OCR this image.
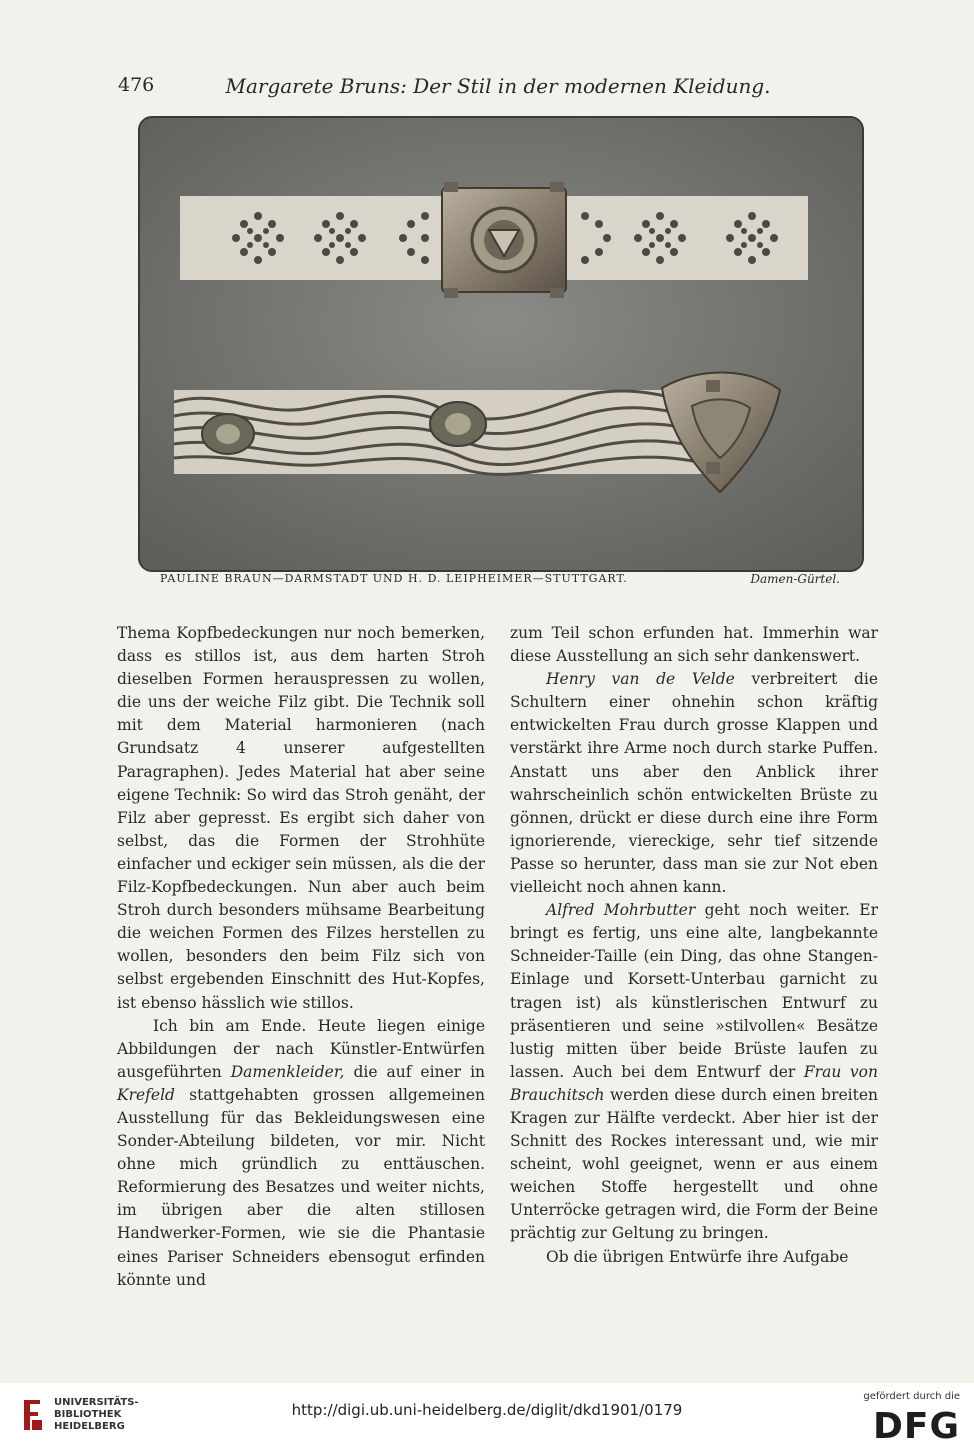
476	Margarete Bruns: Der Stil in der modernen Kleidung.
PAULINE BRAUN—DARMSTADT UND H. D. LEIPHEIMER—STUTTGART.	Damen-Gürtel.

Thema Kopfbedeckungen nur noch bemerken, dass es stillos ist, aus dem harten Stroh dieselben Formen herauspressen zu wollen, die uns der weiche Filz gibt. Die Technik soll mit dem Material harmonieren (nach Grundsatz 4 unserer aufgestellten Paragraphen). Jedes Material hat aber seine eigene Technik: So wird das Stroh genäht, der Filz aber gepresst. Es ergibt sich daher von selbst, das die Formen der Strohhüte einfacher und eckiger sein müssen, als die der Filz-Kopfbedeckungen. Nun aber auch beim Stroh durch besonders mühsame Bearbeitung die weichen Formen des Filzes herstellen zu wollen, besonders den beim Filz sich von selbst ergebenden Einschnitt des Hut-Kopfes, ist ebenso hässlich wie stillos.

Ich bin am Ende. Heute liegen einige Abbildungen der nach Künstler-Entwürfen ausgeführten Damenkleider, die auf einer in Krefeld stattgehabten grossen allgemeinen Ausstellung für das Bekleidungswesen eine Sonder-Abteilung bildeten, vor mir. Nicht ohne mich gründlich zu enttäuschen. Reformierung des Besatzes und weiter nichts, im übrigen aber die alten stillosen Handwerker-Formen, wie sie die Phantasie eines Pariser Schneiders ebensogut erfinden könnte und

zum Teil schon erfunden hat. Immerhin war diese Ausstellung an sich sehr dankenswert.

Henry van de Velde verbreitert die Schultern einer ohnehin schon kräftig entwickelten Frau durch grosse Klappen und verstärkt ihre Arme noch durch starke Puffen. Anstatt uns aber den Anblick ihrer wahrscheinlich schön entwickelten Brüste zu gönnen, drückt er diese durch eine ihre Form ignorierende, viereckige, sehr tief sitzende Passe so herunter, dass man sie zur Not eben vielleicht noch ahnen kann.

Alfred Mohrbutter geht noch weiter. Er bringt es fertig, uns eine alte, langbekannte Schneider-Taille (ein Ding, das ohne Stangen-Einlage und Korsett-Unterbau garnicht zu tragen ist) als künstlerischen Entwurf zu präsentieren und seine »stilvollen« Besätze lustig mitten über beide Brüste laufen zu lassen. Auch bei dem Entwurf der Frau von Brauchitsch werden diese durch einen breiten Kragen zur Hälfte verdeckt. Aber hier ist der Schnitt des Rockes interessant und, wie mir scheint, wohl geeignet, wenn er aus einem weichen Stoffe hergestellt und ohne Unterröcke getragen wird, die Form der Beine prächtig zur Geltung zu bringen.

Ob die übrigen Entwürfe ihre Aufgabe

UNIVERSITÄTS-
BIBLIOTHEK
HEIDELBERG
http://digi.ub.uni-heidelberg.de/diglit/dkd1901/0179
gefördert durch die
DFG
